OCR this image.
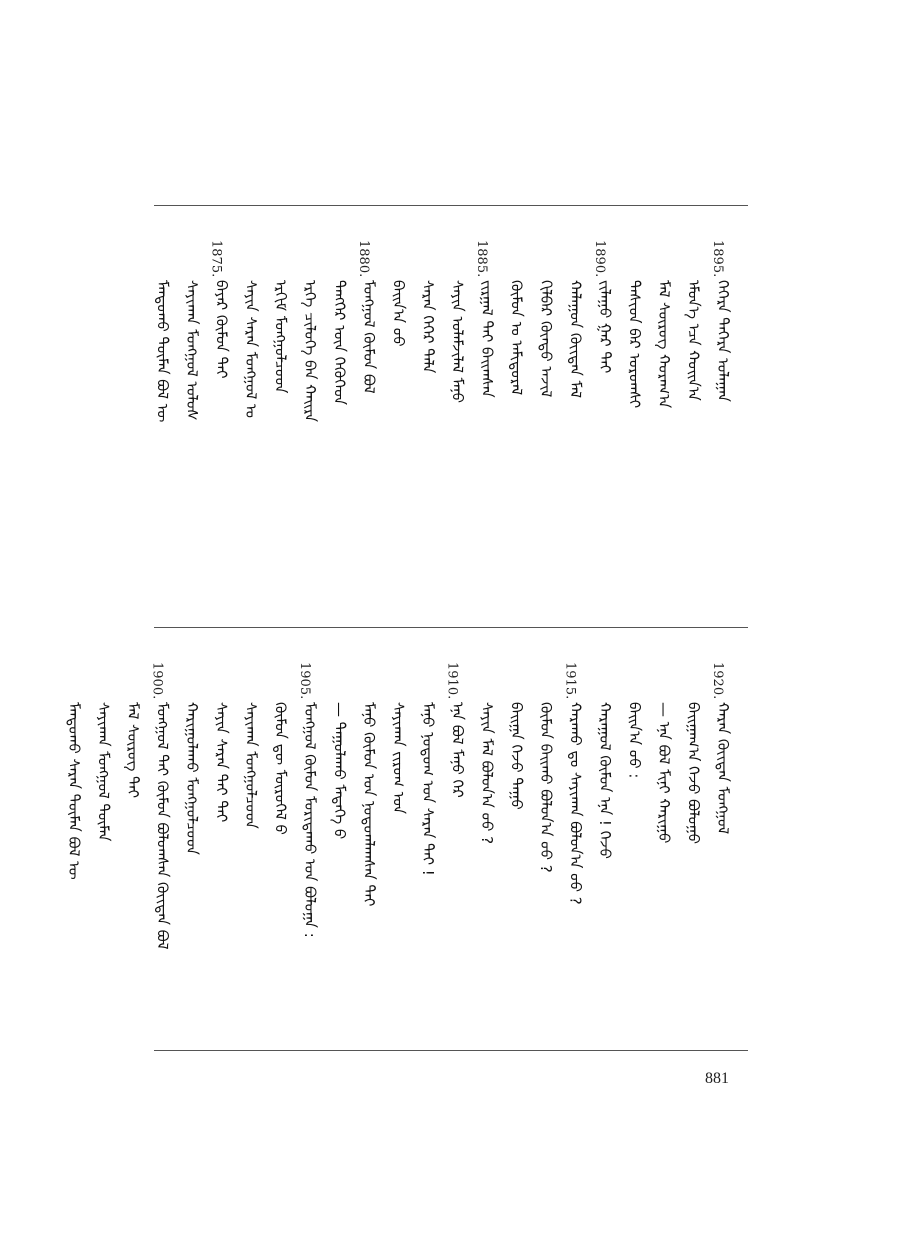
1895.
ᠬᠡᠭᠡᠷᠡ ᠳᠡᠭᠡᠷᠡ ᠤᠯᠠᠭᠠᠨ
ᠡᠮᠦᠨ᠎ᠡ ᠡᠴᠡ ᠬᠤᠢᠨ᠎ᠠ
ᠮᠠᠯ ᠰᠦᠷᠦᠭ ᠬᠤᠷᠠᠭ᠎ᠠ
ᠳᠡᠰᠢᠳ ᠪᠡᠷ ᠤᠷᠤᠭᠰᠢ
1890.
ᠵᠢᠯᠠᠭᠤ ᠭᠠᠷ ᠲᠠᠢ
ᠬᠠᠯᠠᠭᠤᠨ ᠬᠦᠢᠲᠡᠨ ᠮᠠᠯ
ᠬᠢᠯᠪᠠᠷ ᠬᠦᠨᠳᠦ ᠠᠵᠢᠯ
ᠬᠦᠮᠦᠨ ᠤ ᠠᠮᠢᠳᠤᠷᠠᠯ
1885.
ᠵᠢᠷᠭᠠᠯ ᠲᠠᠢ ᠪᠠᠢᠭᠰᠠᠨ
ᠰᠠᠶᠢᠨ ᠤᠯᠠᠮᠵᠢᠯᠠᠯ ᠮᠠᠨᠤ
ᠰᠠᠷᠠᠨ ᠬᠡᠭᠡᠷ ᠲᠡᠯᠡ
ᠪᠠᠢᠨ᠎ᠠ ᠤᠤ
1880.
ᠮᠣᠩᠭᠣᠯ ᠬᠦᠮᠦᠨ ᠪᠣᠯ
ᠲᠡᠩᠭᠡᠷ ᠦᠨ ᠬᠡᠭᠦᠬᠡᠳ
ᠡᠷᠬᠡ ᠴᠢᠯᠦᠭᠡ ᠪᠡᠨ ᠬᠠᠢᠷᠠ
ᠡᠷᠬᠢᠮ ᠮᠣᠩᠭᠣᠯᠴᠤᠳ
ᠰᠠᠶᠢᠨ ᠰᠠᠷᠠᠨ ᠮᠣᠩᠭᠣᠯ ᠤ
1875.
ᠪᠠᠶᠠᠷ ᠬᠦᠮᠦᠨ ᠲᠡᠢ
ᠰᠠᠶᠢᠬᠠᠨ ᠮᠣᠩᠭᠣᠯ ᠤᠯᠤᠰ
ᠮᠠᠨᠳᠤᠬᠤ ᠲᠦᠮᠡᠨ ᠪᠣᠯ ᠦ
1920.
ᠬᠠᠷᠠᠨ ᠬᠦᠢᠲᠡᠨ ᠮᠣᠩᠭᠣᠯ
ᠪᠠᠢᠭᠠᠭ᠎ᠠ ᠭᠡᠵᠦ ᠪᠣᠯᠤᠭᠤ
— ᠡᠨᠡ ᠪᠣᠯ ᠮᠢᠨᠢ ᠬᠠᠷᠢᠭᠤ
ᠪᠠᠢᠨ᠎ᠠ ᠤᠤ :
ᠬᠠᠷᠠᠭᠤᠯ ᠬᠦᠮᠦᠨ ᠡᠨᠡ ! ᠭᠡᠵᠦ
1915.
ᠬᠠᠷᠠᠬᠤ ᠳᠤ ᠰᠠᠶᠢᠬᠠᠨ ᠪᠣᠯᠤᠨ᠎ᠠ ᠤᠤ ?
ᠬᠦᠮᠦᠨ ᠪᠠᠢᠬᠤ ᠪᠣᠯᠤᠨ᠎ᠠ ᠤᠤ ?
ᠪᠠᠢᠭᠠ ᠭᠡᠵᠦ ᠳᠠᠭᠤ
ᠰᠠᠶᠢᠨ ᠮᠠᠯ ᠪᠣᠯᠤᠨ᠎ᠠ ᠤᠤ ?
1910.
ᠡᠨᠡ ᠪᠣᠯ ᠮᠠᠨᠤ ᠭᠡᠷ
ᠮᠠᠨᠤ ᠨᠤᠲᠤᠭ ᠤᠨ ᠰᠠᠷᠠᠨ ᠲᠠᠢ !
ᠰᠠᠶᠢᠬᠠᠨ ᠵᠢᠷᠤᠭ ᠤᠨ
ᠮᠠᠨᠤ ᠬᠦᠮᠦᠨ ᠤᠨ ᠨᠤᠲᠤᠭᠯᠠᠭᠰᠠᠨ ᠲᠠᠢ
— ᠲᠠᠭᠤᠯᠠᠬᠤ ᠮᠡᠳᠡᠭᠡ ᠪ
1905.
ᠮᠣᠩᠭᠣᠯ ᠬᠦᠮᠦᠨ ᠮᠣᠷᠢᠳᠠᠬᠤ ᠤᠨ ᠪᠣᠯᠤᠭᠠ :
ᠬᠦᠮᠦᠨ ᠳᠦ ᠮᠦᠷᠦᠭᠡᠯ ᠪ
ᠰᠠᠶᠢᠬᠠᠨ ᠮᠣᠩᠭᠣᠯᠴᠤᠳ
ᠰᠠᠶᠢᠨ ᠰᠠᠷᠠᠨ ᠲᠠᠢ ᠲᠠᠢ
ᠬᠠᠷᠢᠭᠤᠯᠠᠬᠤ ᠮᠣᠩᠭᠣᠯᠴᠤᠳ
1900.
ᠮᠣᠩᠭᠣᠯ ᠲᠠᠢ ᠬᠦᠮᠦᠨ ᠪᠣᠯᠤᠭᠰᠠᠨ ᠬᠦᠢᠲᠡᠨ ᠪᠤᠯ
ᠮᠠᠯ ᠰᠦᠷᠦᠭ ᠲᠠᠢ
ᠰᠠᠶᠢᠬᠠᠨ ᠮᠣᠩᠭᠣᠯ ᠲᠦᠮᠡᠨ
ᠮᠠᠨᠳᠤᠬᠤ ᠰᠠᠷᠠᠨ ᠲᠦᠮᠡᠨ ᠪᠣᠯ ᠦ
881
